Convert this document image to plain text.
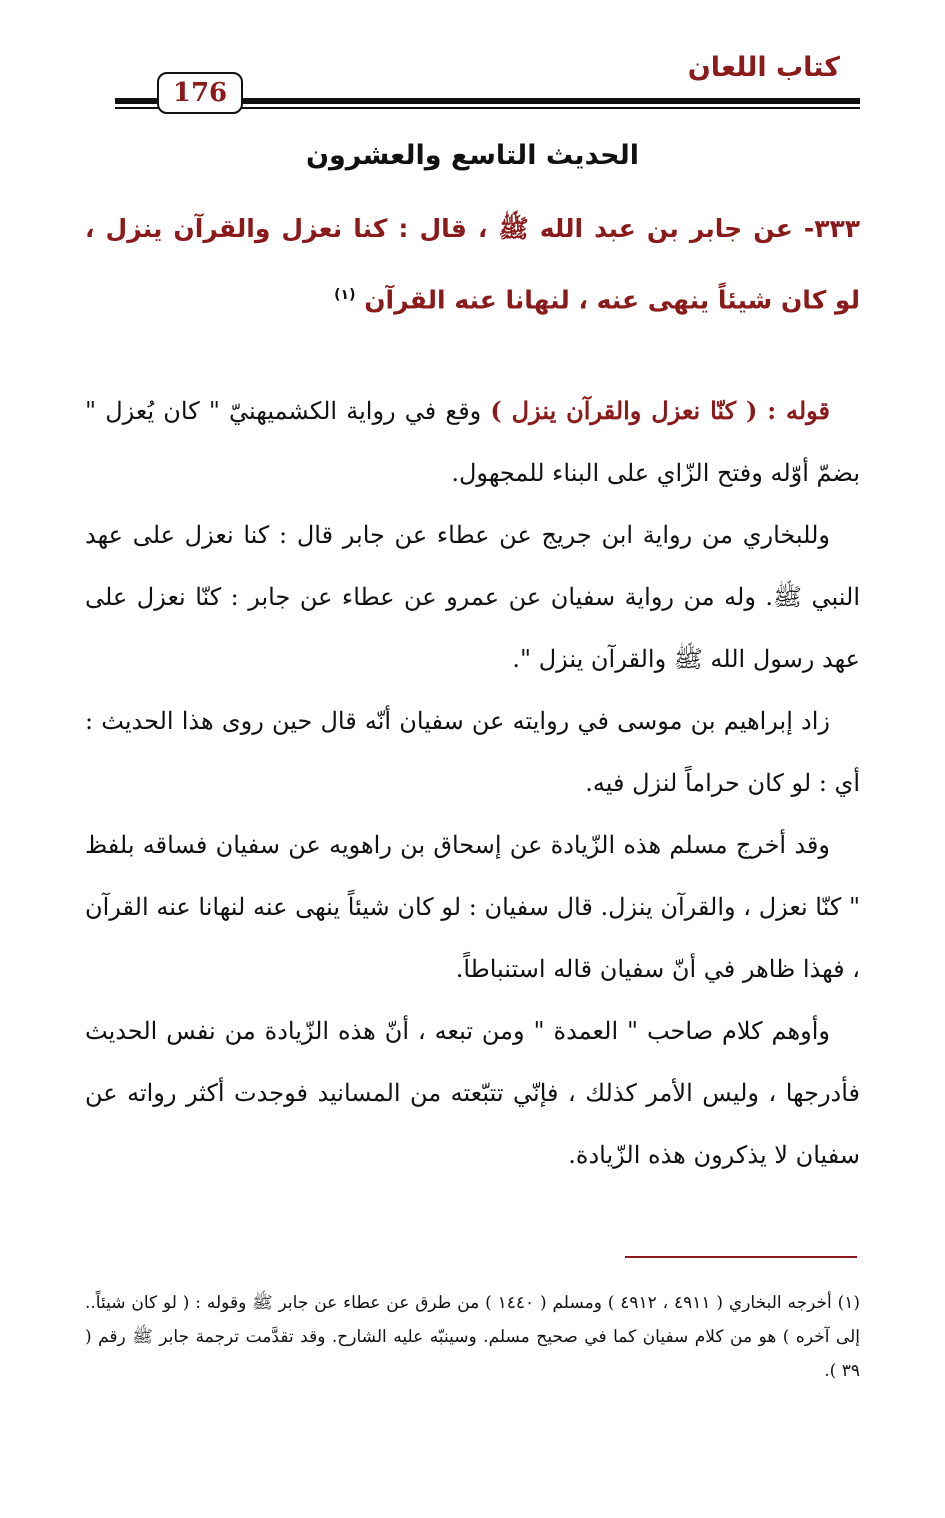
كتاب اللعان
176
الحديث التاسع والعشرون
٣٣٣- عن جابر بن عبد الله ﷺ ، قال : كنا نعزل والقرآن ينزل ، لو كان شيئاً ينهى عنه ، لنهانا عنه القرآن $^{(١)}$

قوله : ( كنّا نعزل والقرآن ينزل ) وقع في رواية الكشميهنيّ " كان يُعزل " بضمّ أوّله وفتح الزّاي على البناء للمجهول.

وللبخاري من رواية ابن جريج عن عطاء عن جابر قال : كنا نعزل على عهد النبي ﷺ. وله من رواية سفيان عن عمرو عن عطاء عن جابر : كنّا نعزل على عهد رسول الله ﷺ والقرآن ينزل ".

زاد إبراهيم بن موسى في روايته عن سفيان أنّه قال حين روى هذا الحديث : أي : لو كان حراماً لنزل فيه.

وقد أخرج مسلم هذه الزّيادة عن إسحاق بن راهويه عن سفيان فساقه بلفظ " كنّا نعزل ، والقرآن ينزل. قال سفيان : لو كان شيئاً ينهى عنه لنهانا عنه القرآن ، فهذا ظاهر في أنّ سفيان قاله استنباطاً.

وأوهم كلام صاحب " العمدة " ومن تبعه ، أنّ هذه الزّيادة من نفس الحديث فأدرجها ، وليس الأمر كذلك ، فإنّي تتبّعته من المسانيد فوجدت أكثر رواته عن سفيان لا يذكرون هذه الزّيادة.

(١) أخرجه البخاري ( ٤٩١١ ، ٤٩١٢ ) ومسلم ( ١٤٤٠ ) من طرق عن عطاء عن جابر ﷺ وقوله : ( لو كان شيئاً.. إلى آخره ) هو من كلام سفيان كما في صحيح مسلم. وسينبّه عليه الشارح. وقد تقدَّمت ترجمة جابر ﷺ رقم ( ٣٩ ).
